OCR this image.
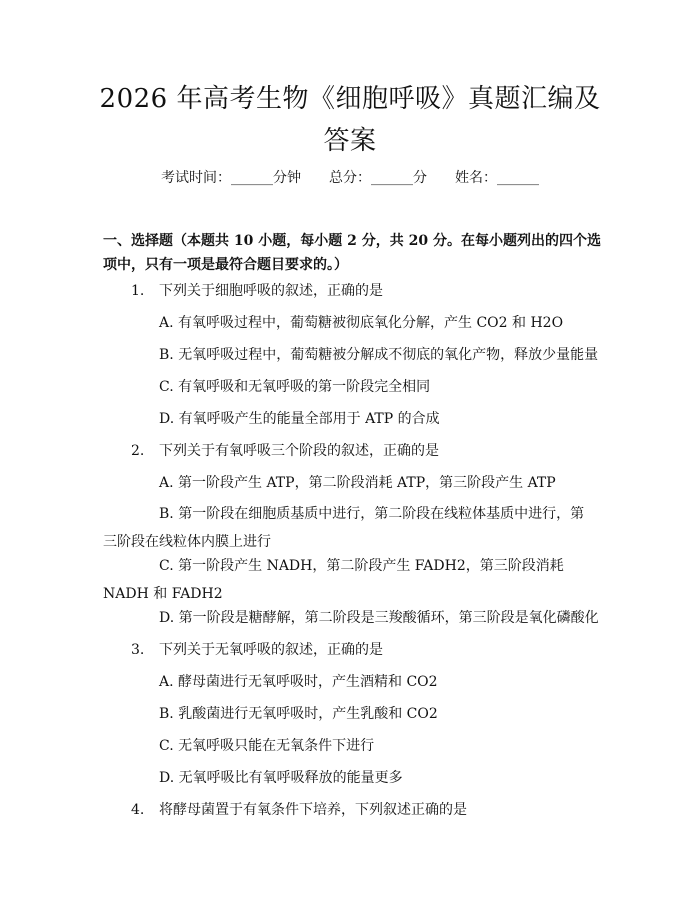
2026 年高考生物《细胞呼吸》真题汇编及答案
考试时间：______分钟 总分：______分 姓名：______
一、选择题（本题共 10 小题，每小题 2 分，共 20 分。在每小题列出的四个选项中，只有一项是最符合题目要求的。）
1. 下列关于细胞呼吸的叙述，正确的是
A. 有氧呼吸过程中，葡萄糖被彻底氧化分解，产生 CO2 和 H2O
B. 无氧呼吸过程中，葡萄糖被分解成不彻底的氧化产物，释放少量能量
C. 有氧呼吸和无氧呼吸的第一阶段完全相同
D. 有氧呼吸产生的能量全部用于 ATP 的合成
2. 下列关于有氧呼吸三个阶段的叙述，正确的是
A. 第一阶段产生 ATP，第二阶段消耗 ATP，第三阶段产生 ATP
B. 第一阶段在细胞质基质中进行，第二阶段在线粒体基质中进行，第三阶段在线粒体内膜上进行
C. 第一阶段产生 NADH，第二阶段产生 FADH2，第三阶段消耗 NADH 和 FADH2
D. 第一阶段是糖酵解，第二阶段是三羧酸循环，第三阶段是氧化磷酸化
3. 下列关于无氧呼吸的叙述，正确的是
A. 酵母菌进行无氧呼吸时，产生酒精和 CO2
B. 乳酸菌进行无氧呼吸时，产生乳酸和 CO2
C. 无氧呼吸只能在无氧条件下进行
D. 无氧呼吸比有氧呼吸释放的能量更多
4. 将酵母菌置于有氧条件下培养，下列叙述正确的是
